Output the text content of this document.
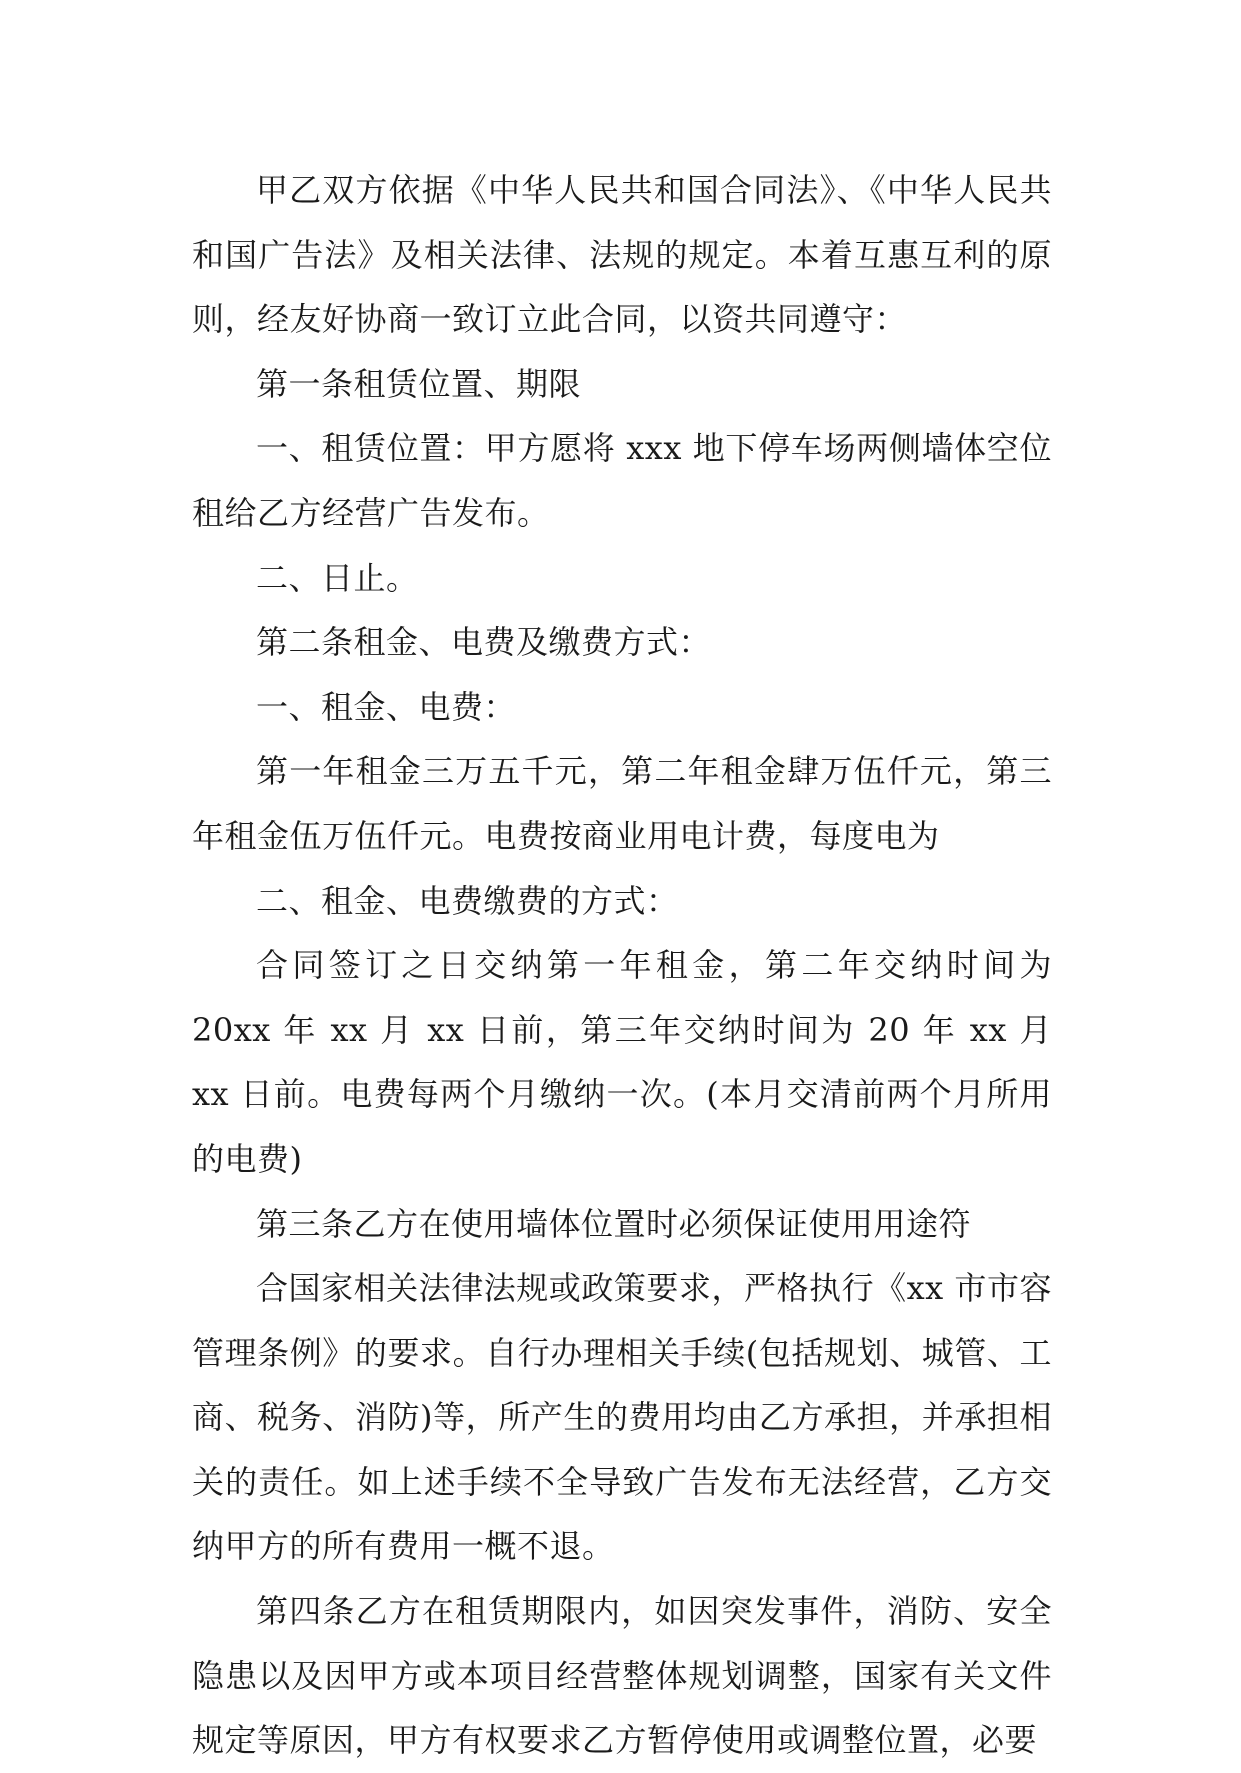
甲乙双方依据《中华人民共和国合同法》、《中华人民共和国广告法》及相关法律、法规的规定。本着互惠互利的原则，经友好协商一致订立此合同，以资共同遵守：

第一条租赁位置、期限

一、租赁位置：甲方愿将 xxx 地下停车场两侧墙体空位租给乙方经营广告发布。

二、日止。

第二条租金、电费及缴费方式：

一、租金、电费：

第一年租金三万五千元，第二年租金肆万伍仟元，第三年租金伍万伍仟元。电费按商业用电计费，每度电为

二、租金、电费缴费的方式：

合同签订之日交纳第一年租金，第二年交纳时间为 20xx 年 xx 月 xx 日前，第三年交纳时间为 20 年 xx 月 xx 日前。电费每两个月缴纳一次。(本月交清前两个月所用的电费)

第三条乙方在使用墙体位置时必须保证使用用途符

合国家相关法律法规或政策要求，严格执行《xx 市市容管理条例》的要求。自行办理相关手续(包括规划、城管、工商、税务、消防)等，所产生的费用均由乙方承担，并承担相关的责任。如上述手续不全导致广告发布无法经营，乙方交纳甲方的所有费用一概不退。

第四条乙方在租赁期限内，如因突发事件，消防、安全隐患以及因甲方或本项目经营整体规划调整，国家有关文件规定等原因，甲方有权要求乙方暂停使用或调整位置，必要
